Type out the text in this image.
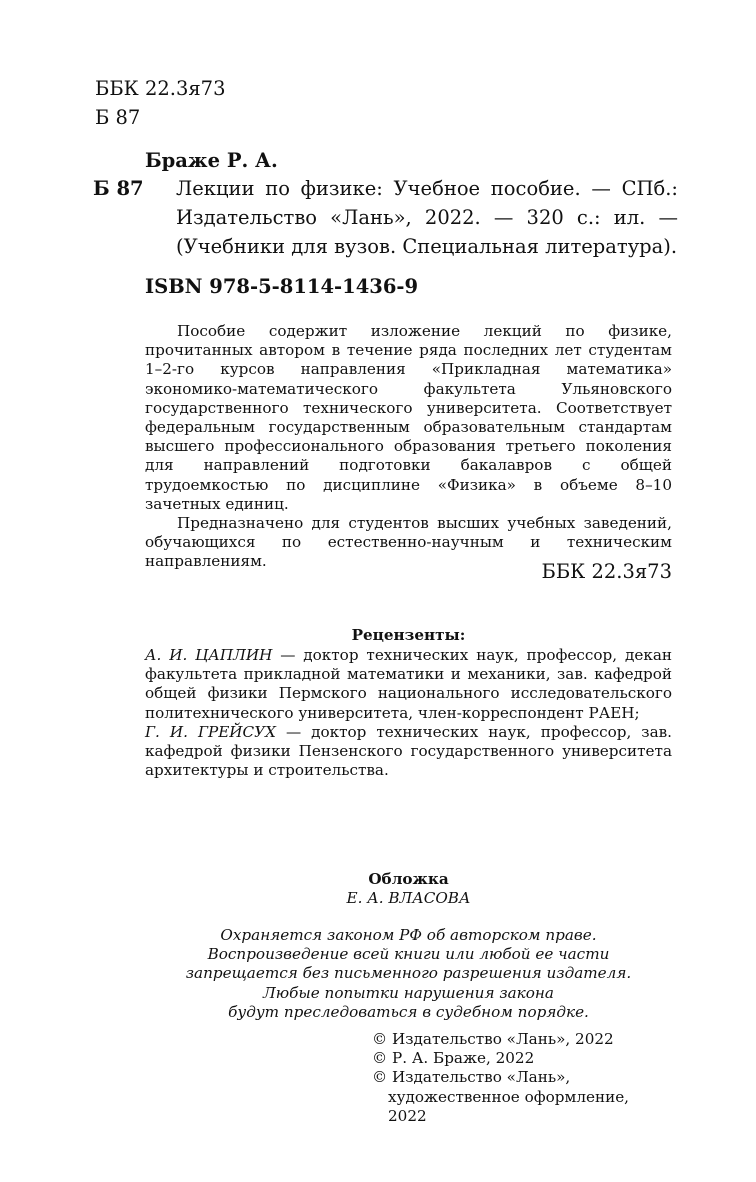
ББК 22.3я73
Б 87
Браже Р. А.
Б 87 Лекции по физике: Учебное пособие. — СПб.: Издательство «Лань», 2022. — 320 с.: ил. — (Учебники для вузов. Специальная литература).
ISBN 978-5-8114-1436-9

Пособие содержит изложение лекций по физике, прочитанных автором в течение ряда последних лет студентам 1–2-го курсов направления «Прикладная математика» экономико-математического факультета Ульяновского государственного технического университета. Соответствует федеральным государственным образовательным стандартам высшего профессионального образования третьего поколения для направлений подготовки бакалавров с общей трудоемкостью по дисциплине «Физика» в объеме 8–10 зачетных единиц.

Предназначено для студентов высших учебных заведений, обучающихся по естественно-научным и техническим направлениям.	ББК 22.3я73
Рецензенты:
А. И. ЦАПЛИН — доктор технических наук, профессор, декан факультета прикладной математики и механики, зав. кафедрой общей физики Пермского национального исследовательского политехнического университета, член-корреспондент РАЕН;
Г. И. ГРЕЙСУХ — доктор технических наук, профессор, зав. кафедрой физики Пензенского государственного университета архитектуры и строительства.
Обложка
Е. А. ВЛАСОВА
Охраняется законом РФ об авторском праве.
Воспроизведение всей книги или любой ее части
запрещается без письменного разрешения издателя.
Любые попытки нарушения закона
будут преследоваться в судебном порядке.
© Издательство «Лань», 2022
© Р. А. Браже, 2022
© Издательство «Лань»,
художественное оформление, 2022
